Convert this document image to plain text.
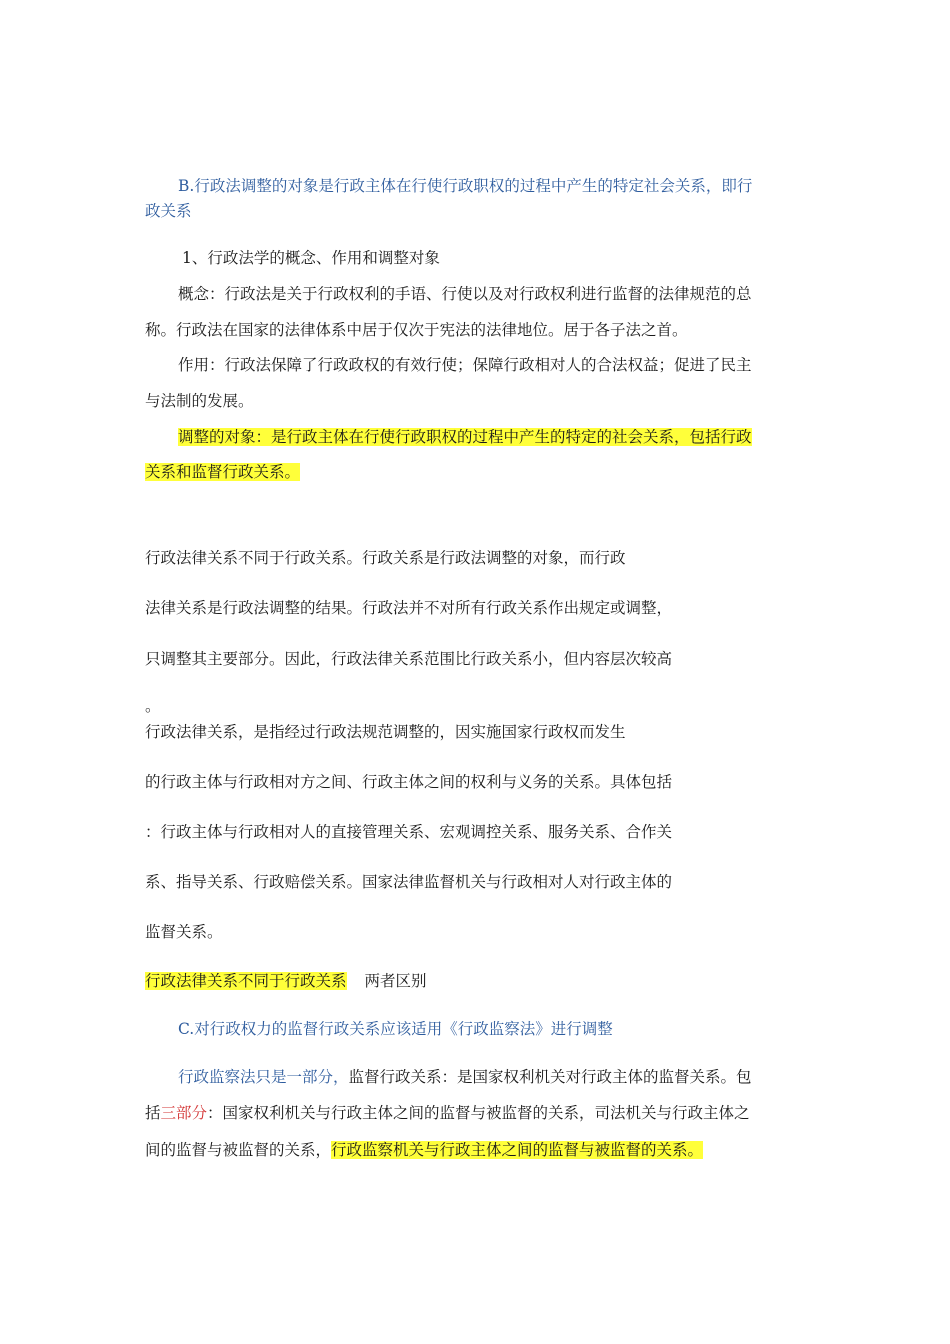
B.行政法调整的对象是行政主体在行使行政职权的过程中产生的特定社会关系，即行

政关系

1、行政法学的概念、作用和调整对象

概念：行政法是关于行政权利的手语、行使以及对行政权利进行监督的法律规范的总

称。行政法在国家的法律体系中居于仅次于宪法的法律地位。居于各子法之首。

作用：行政法保障了行政政权的有效行使；保障行政相对人的合法权益；促进了民主

与法制的发展。

调整的对象：是行政主体在行使行政职权的过程中产生的特定的社会关系，包括行政

关系和监督行政关系。

行政法律关系不同于行政关系。行政关系是行政法调整的对象，而行政

法律关系是行政法调整的结果。行政法并不对所有行政关系作出规定或调整，

只调整其主要部分。因此，行政法律关系范围比行政关系小，但内容层次较高

。

行政法律关系，是指经过行政法规范调整的，因实施国家行政权而发生

的行政主体与行政相对方之间、行政主体之间的权利与义务的关系。具体包括

：行政主体与行政相对人的直接管理关系、宏观调控关系、服务关系、合作关

系、指导关系、行政赔偿关系。国家法律监督机关与行政相对人对行政主体的

监督关系。

行政法律关系不同于行政关系 两者区别

C.对行政权力的监督行政关系应该适用《行政监察法》进行调整

行政监察法只是一部分，监督行政关系：是国家权利机关对行政主体的监督关系。包

括三部分：国家权利机关与行政主体之间的监督与被监督的关系，司法机关与行政主体之

间的监督与被监督的关系，行政监察机关与行政主体之间的监督与被监督的关系。
